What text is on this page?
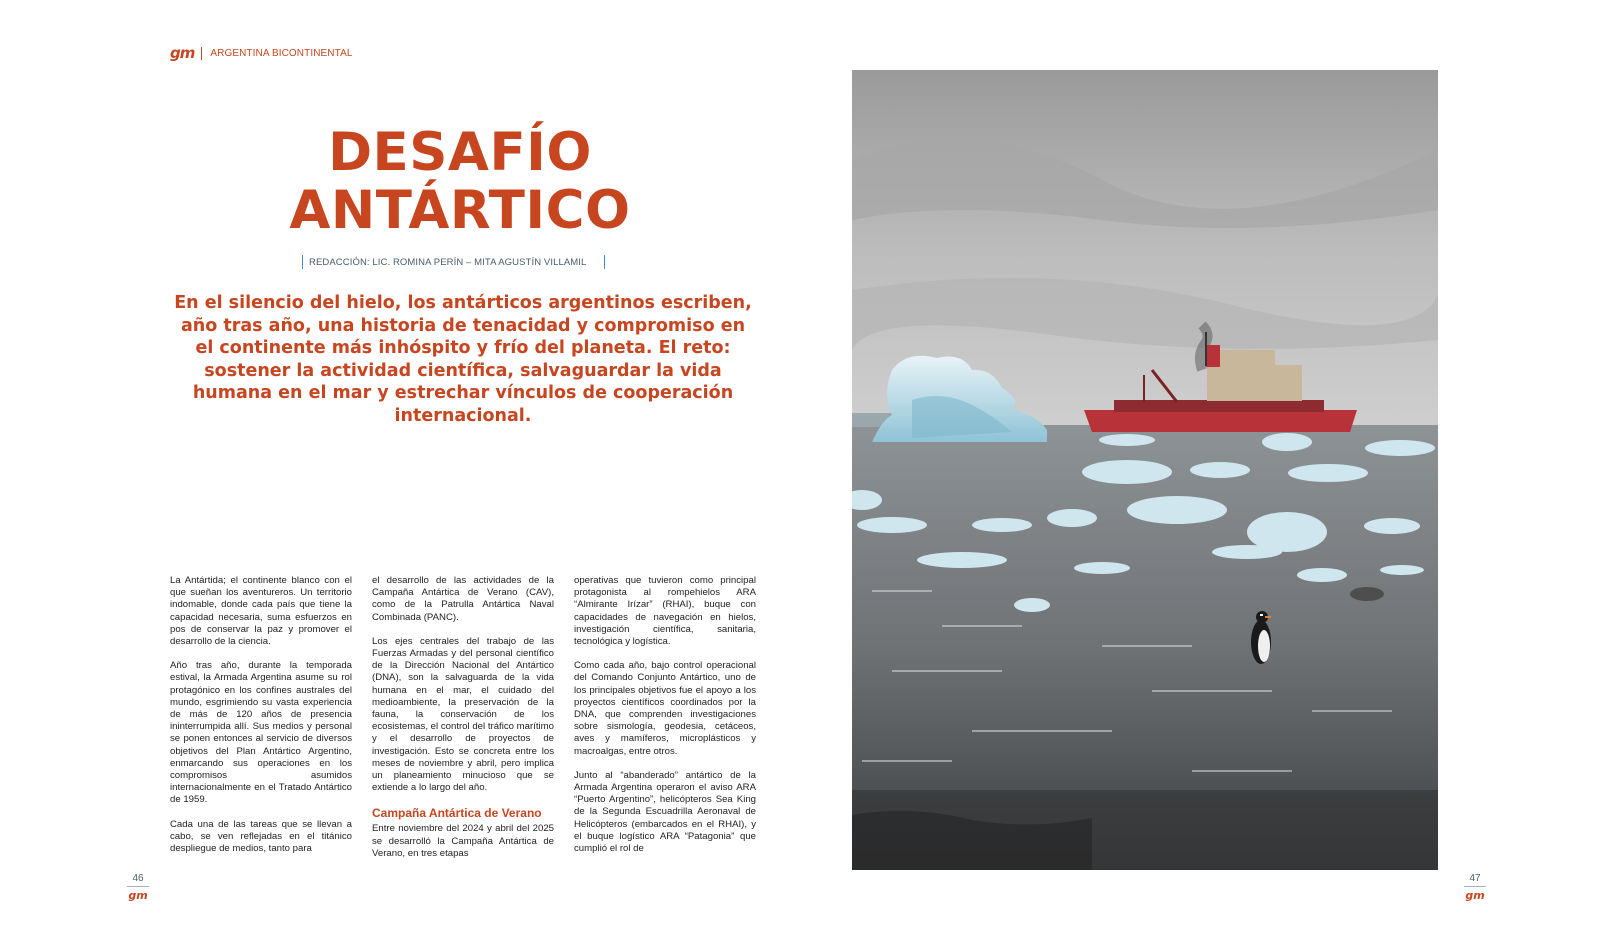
gm ARGENTINA BICONTINENTAL
DESAFÍO
ANTÁRTICO
REDACCIÓN: LIC. ROMINA PERÍN – MITA AGUSTÍN VILLAMIL
En el silencio del hielo, los antárticos argentinos escriben, año tras año, una historia de tenacidad y compromiso en el continente más inhóspito y frío del planeta. El reto: sostener la actividad científica, salvaguardar la vida humana en el mar y estrechar vínculos de cooperación internacional.

La Antártida; el continente blanco con el que sueñan los aventureros. Un territorio indomable, donde cada país que tiene la capacidad necesaria, suma esfuerzos en pos de conservar la paz y promover el desarrollo de la ciencia.

Año tras año, durante la temporada estival, la Armada Argentina asume su rol protagónico en los confines australes del mundo, esgrimiendo su vasta experiencia de más de 120 años de presencia ininterrumpida allí. Sus medios y personal se ponen entonces al servicio de diversos objetivos del Plan Antártico Argentino, enmarcando sus operaciones en los compromisos asumidos internacionalmente en el Tratado Antártico de 1959.

Cada una de las tareas que se llevan a cabo, se ven reflejadas en el titánico despliegue de medios, tanto para

el desarrollo de las actividades de la Campaña Antártica de Verano (CAV), como de la Patrulla Antártica Naval Combinada (PANC).

Los ejes centrales del trabajo de las Fuerzas Armadas y del personal científico de la Dirección Nacional del Antártico (DNA), son la salvaguarda de la vida humana en el mar, el cuidado del medioambiente, la preservación de la fauna, la conservación de los ecosistemas, el control del tráfico marítimo y el desarrollo de proyectos de investigación. Esto se concreta entre los meses de noviembre y abril, pero implica un planeamiento minucioso que se extiende a lo largo del año.

Campaña Antártica de Verano

Entre noviembre del 2024 y abril del 2025 se desarrolló la Campaña Antártica de Verano, en tres etapas

operativas que tuvieron como principal protagonista al rompehielos ARA “Almirante Irízar” (RHAI), buque con capacidades de navegación en hielos, investigación científica, sanitaria, tecnológica y logística.

Como cada año, bajo control operacional del Comando Conjunto Antártico, uno de los principales objetivos fue el apoyo a los proyectos científicos coordinados por la DNA, que comprenden investigaciones sobre sismología, geodesia, cetáceos, aves y mamíferos, microplásticos y macroalgas, entre otros.

Junto al “abanderado” antártico de la Armada Argentina operaron el aviso ARA “Puerto Argentino”, helicópteros Sea King de la Segunda Escuadrilla Aeronaval de Helicópteros (embarcados en el RHAI), y el buque logístico ARA “Patagonia” que cumplió el rol de

46
gm
47
gm
